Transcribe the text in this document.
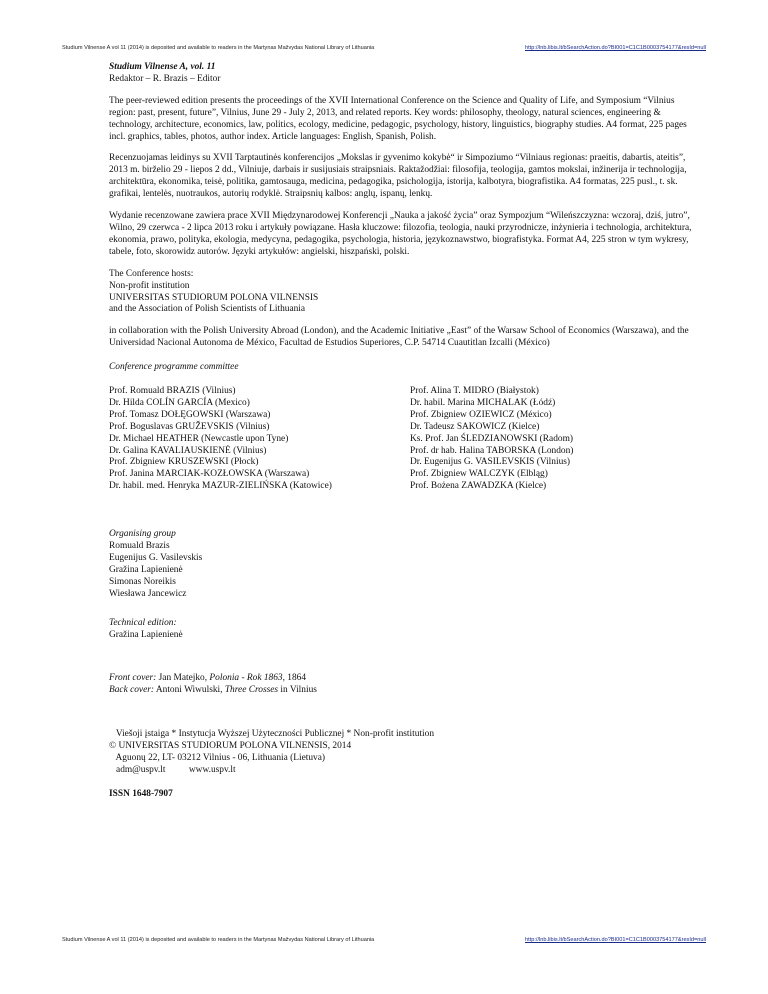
Studium Vilnense A vol 11 (2014) is deposited and available to readers in the Martynas Mažvydas National Library of Lithuania	http://lnb.libis.lt/bSearchAction.do?BI001=C1C1B0003754177&resId=null

Studium Vilnense A, vol. 11

Redaktor – R. Brazis – Editor

The peer-reviewed edition presents the proceedings of the XVII International Conference on the Science and Quality of Life, and Symposium “Vilnius region: past, present, future”, Vilnius, June 29 - July 2, 2013, and related reports. Key words: philosophy, theology, natural sciences, engineering & technology, architecture, economics, law, politics, ecology, medicine, pedagogic, psychology, history, linguistics, biography studies. A4 format, 225 pages incl. graphics, tables, photos, author index. Article languages: English, Spanish, Polish.

Recenzuojamas leidinys su XVII Tarptautinės konferencijos „Mokslas ir gyvenimo kokybė“ ir Simpoziumo “Vilniaus regionas: praeitis, dabartis, ateitis”, 2013 m. birželio 29 - liepos 2 dd., Vilniuje, darbais ir susijusiais straipsniais. Raktažodžiai: filosofija, teologija, gamtos mokslai, inžinerija ir technologija, architektūra, ekonomika, teisė, politika, gamtosauga, medicina, pedagogika, psichologija, istorija, kalbotyra, biografistika. A4 formatas, 225 pusl., t. sk. grafikai, lentelės, nuotraukos, autorių rodyklė. Straipsnių kalbos: anglų, ispanų, lenkų.

Wydanie recenzowane zawiera prace XVII Międzynarodowej Konferencji „Nauka a jakość życia” oraz Sympozjum “Wileńszczyzna: wczoraj, dziś, jutro”, Wilno, 29 czerwca - 2 lipca 2013 roku i artykuły powiązane. Hasła kluczowe: filozofia, teologia, nauki przyrodnicze, inżynieria i technologia, architektura, ekonomia, prawo, polityka, ekologia, medycyna, pedagogika, psychologia, historia, językoznawstwo, biografistyka. Format A4, 225 stron w tym wykresy, tabele, foto, skorowidz autorów. Języki artykułów: angielski, hiszpański, polski.

The Conference hosts:

Non-profit institution

UNIVERSITAS STUDIORUM POLONA VILNENSIS

and the Association of Polish Scientists of Lithuania

in collaboration with the Polish University Abroad (London), and the Academic Initiative „East” of the Warsaw School of Economics (Warszawa), and the Universidad Nacional Autonoma de México, Facultad de Estudios Superiores, C.P. 54714 Cuautitlan Izcalli (México)

Conference programme committee

Prof. Romuald BRAZIS (Vilnius)

Dr. Hilda COLÍN GARCÍA (Mexico)

Prof. Tomasz DOŁĘGOWSKI (Warszawa)

Prof. Boguslavas GRUŽEVSKIS (Vilnius)

Dr. Michael HEATHER (Newcastle upon Tyne)

Dr. Galina KAVALIAUSKIENĖ (Vilnius)

Prof. Zbigniew KRUSZEWSKI (Płock)

Prof. Janina MARCIAK-KOZŁOWSKA (Warszawa)

Dr. habil. med. Henryka MAZUR-ZIELIŃSKA (Katowice)

Prof. Alina T. MIDRO (Białystok)

Dr. habil. Marina MICHALAK (Łódź)

Prof. Zbigniew OZIEWICZ (México)

Dr. Tadeusz SAKOWICZ (Kielce)

Ks. Prof. Jan ŚLEDZIANOWSKI (Radom)

Prof. dr hab. Halina TABORSKA (London)

Dr. Eugenijus G. VASILEVSKIS (Vilnius)

Prof. Zbigniew WALCZYK (Elbląg)

Prof. Bożena ZAWADZKA (Kielce)

Organising group

Romuald Brazis

Eugenijus G. Vasilevskis

Gražina Lapienienė

Simonas Noreikis

Wiesława Jancewicz

Technical edition:

Gražina Lapienienė

Front cover: Jan Matejko, Polonia - Rok 1863, 1864

Back cover: Antoni Wiwulski, Three Crosses in Vilnius

Viešoji įstaiga * Instytucja Wyższej Użyteczności Publicznej * Non-profit institution

© UNIVERSITAS STUDIORUM POLONA VILNENSIS, 2014

Aguonų 22, LT- 03212 Vilnius - 06, Lithuania (Lietuva)

adm@uspv.lt          www.uspv.lt

ISSN 1648-7907

Studium Vilnense A vol 11 (2014) is deposited and available to readers in the Martynas Mažvydas National Library of Lithuania	http://lnb.libis.lt/bSearchAction.do?BI001=C1C1B0003754177&resId=null
